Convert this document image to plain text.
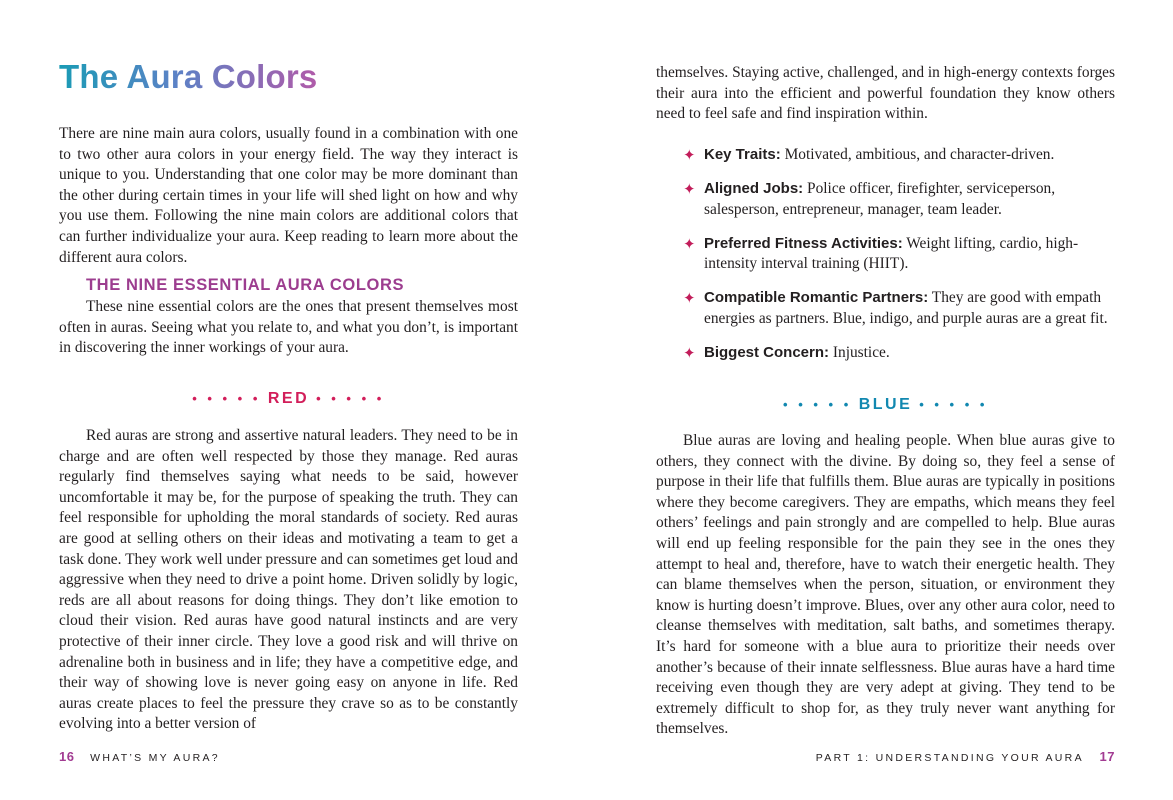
The Aura Colors

There are nine main aura colors, usually found in a combination with one to two other aura colors in your energy field. The way they interact is unique to you. Understanding that one color may be more dominant than the other during certain times in your life will shed light on how and why you use them. Following the nine main colors are additional colors that can further individualize your aura. Keep reading to learn more about the different aura colors.

THE NINE ESSENTIAL AURA COLORS

These nine essential colors are the ones that present themselves most often in auras. Seeing what you relate to, and what you don’t, is important in discovering the inner workings of your aura.

• • • • • RED • • • • •

Red auras are strong and assertive natural leaders. They need to be in charge and are often well respected by those they manage. Red auras regularly find themselves saying what needs to be said, however uncomfortable it may be, for the purpose of speaking the truth. They can feel responsible for upholding the moral standards of society. Red auras are good at selling others on their ideas and motivating a team to get a task done. They work well under pressure and can sometimes get loud and aggressive when they need to drive a point home. Driven solidly by logic, reds are all about reasons for doing things. They don’t like emotion to cloud their vision. Red auras have good natural instincts and are very protective of their inner circle. They love a good risk and will thrive on adrenaline both in business and in life; they have a competitive edge, and their way of showing love is never going easy on anyone in life. Red auras create places to feel the pressure they crave so as to be constantly evolving into a better version of

themselves. Staying active, challenged, and in high-energy contexts forges their aura into the efficient and powerful foundation they know others need to feel safe and find inspiration within.

✦ Key Traits: Motivated, ambitious, and character-driven.
✦ Aligned Jobs: Police officer, firefighter, serviceperson, salesperson, entrepreneur, manager, team leader.
✦ Preferred Fitness Activities: Weight lifting, cardio, high-intensity interval training (HIIT).
✦ Compatible Romantic Partners: They are good with empath energies as partners. Blue, indigo, and purple auras are a great fit.
✦ Biggest Concern: Injustice.
• • • • • BLUE • • • • •

Blue auras are loving and healing people. When blue auras give to others, they connect with the divine. By doing so, they feel a sense of purpose in their life that fulfills them. Blue auras are typically in positions where they become caregivers. They are empaths, which means they feel others’ feelings and pain strongly and are compelled to help. Blue auras will end up feeling responsible for the pain they see in the ones they attempt to heal and, therefore, have to watch their energetic health. They can blame themselves when the person, situation, or environment they know is hurting doesn’t improve. Blues, over any other aura color, need to cleanse themselves with meditation, salt baths, and sometimes therapy. It’s hard for someone with a blue aura to prioritize their needs over another’s because of their innate selflessness. Blue auras have a hard time receiving even though they are very adept at giving. They tend to be extremely difficult to shop for, as they truly never want anything for themselves.

16 WHAT’S MY AURA?	PART 1: UNDERSTANDING YOUR AURA 17
